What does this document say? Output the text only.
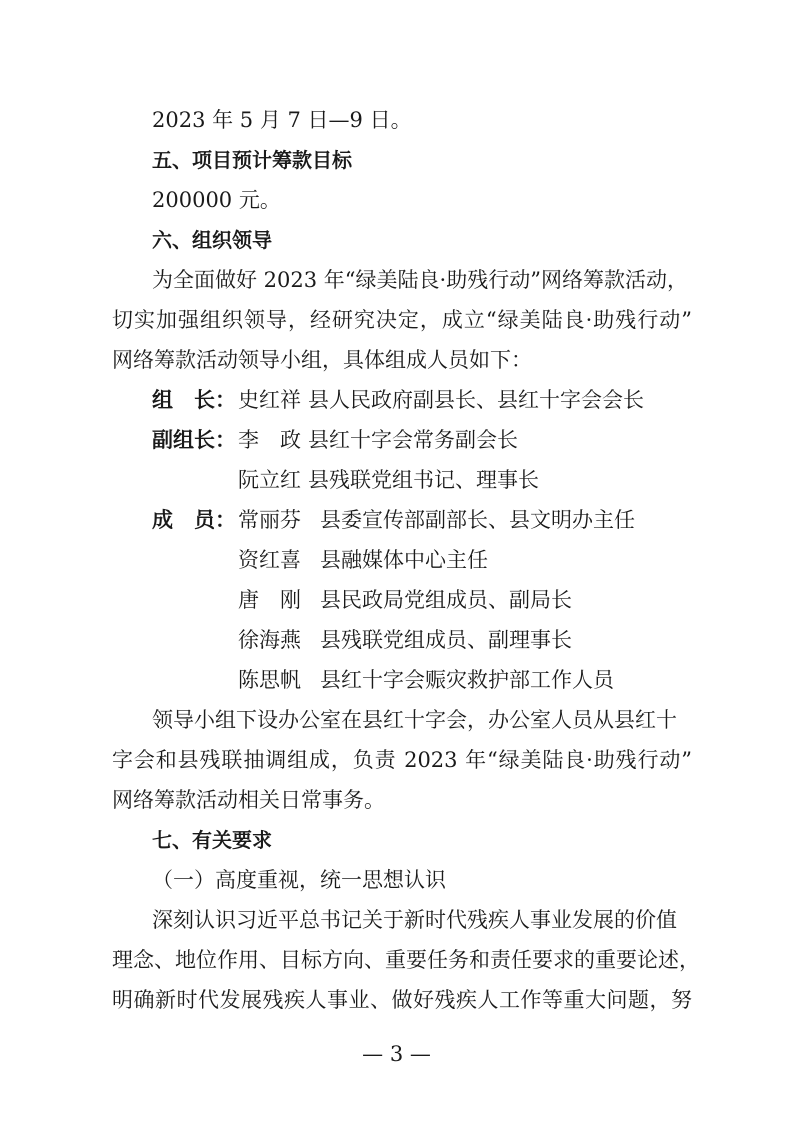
2023 年 5 月 7 日—9 日。
五、项目预计筹款目标
200000 元。
六、组织领导
为全面做好 2023 年“绿美陆良·助残行动”网络筹款活动，
切实加强组织领导，经研究决定，成立“绿美陆良·助残行动”
网络筹款活动领导小组，具体组成人员如下：
组　长：史红祥 县人民政府副县长、县红十字会会长
副组长：李　政 县红十字会常务副会长
阮立红 县残联党组书记、理事长
成　员：常丽芬 县委宣传部副部长、县文明办主任
资红喜 县融媒体中心主任
唐　刚 县民政局党组成员、副局长
徐海燕 县残联党组成员、副理事长
陈思帆 县红十字会赈灾救护部工作人员
领导小组下设办公室在县红十字会，办公室人员从县红十
字会和县残联抽调组成，负责 2023 年“绿美陆良·助残行动”
网络筹款活动相关日常事务。
七、有关要求
（一）高度重视，统一思想认识
深刻认识习近平总书记关于新时代残疾人事业发展的价值
理念、地位作用、目标方向、重要任务和责任要求的重要论述，
明确新时代发展残疾人事业、做好残疾人工作等重大问题，努
— 3 —
